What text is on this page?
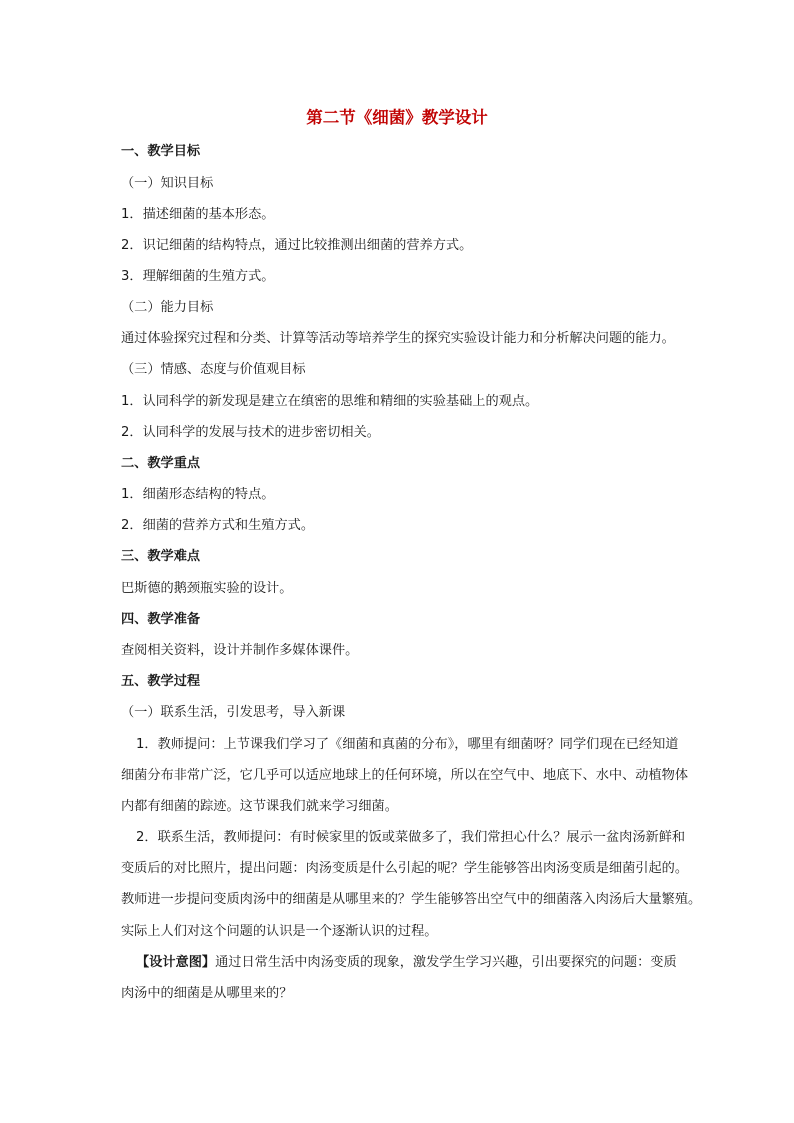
第二节《细菌》教学设计
一、教学目标
（一）知识目标
1．描述细菌的基本形态。
2．识记细菌的结构特点，通过比较推测出细菌的营养方式。
3．理解细菌的生殖方式。
（二）能力目标
通过体验探究过程和分类、计算等活动等培养学生的探究实验设计能力和分析解决问题的能力。
（三）情感、态度与价值观目标
1．认同科学的新发现是建立在缜密的思维和精细的实验基础上的观点。
2．认同科学的发展与技术的进步密切相关。
二、教学重点
1．细菌形态结构的特点。
2．细菌的营养方式和生殖方式。
三、教学难点
巴斯德的鹅颈瓶实验的设计。
四、教学准备
查阅相关资料，设计并制作多媒体课件。
五、教学过程
（一）联系生活，引发思考，导入新课
1．教师提问：上节课我们学习了《细菌和真菌的分布》，哪里有细菌呀？同学们现在已经知道
细菌分布非常广泛，它几乎可以适应地球上的任何环境，所以在空气中、地底下、水中、动植物体
内都有细菌的踪迹。这节课我们就来学习细菌。
2．联系生活，教师提问：有时候家里的饭或菜做多了，我们常担心什么？展示一盆肉汤新鲜和
变质后的对比照片，提出问题：肉汤变质是什么引起的呢？学生能够答出肉汤变质是细菌引起的。
教师进一步提问变质肉汤中的细菌是从哪里来的？学生能够答出空气中的细菌落入肉汤后大量繁殖。
实际上人们对这个问题的认识是一个逐渐认识的过程。
【设计意图】通过日常生活中肉汤变质的现象，激发学生学习兴趣，引出要探究的问题：变质
肉汤中的细菌是从哪里来的？
